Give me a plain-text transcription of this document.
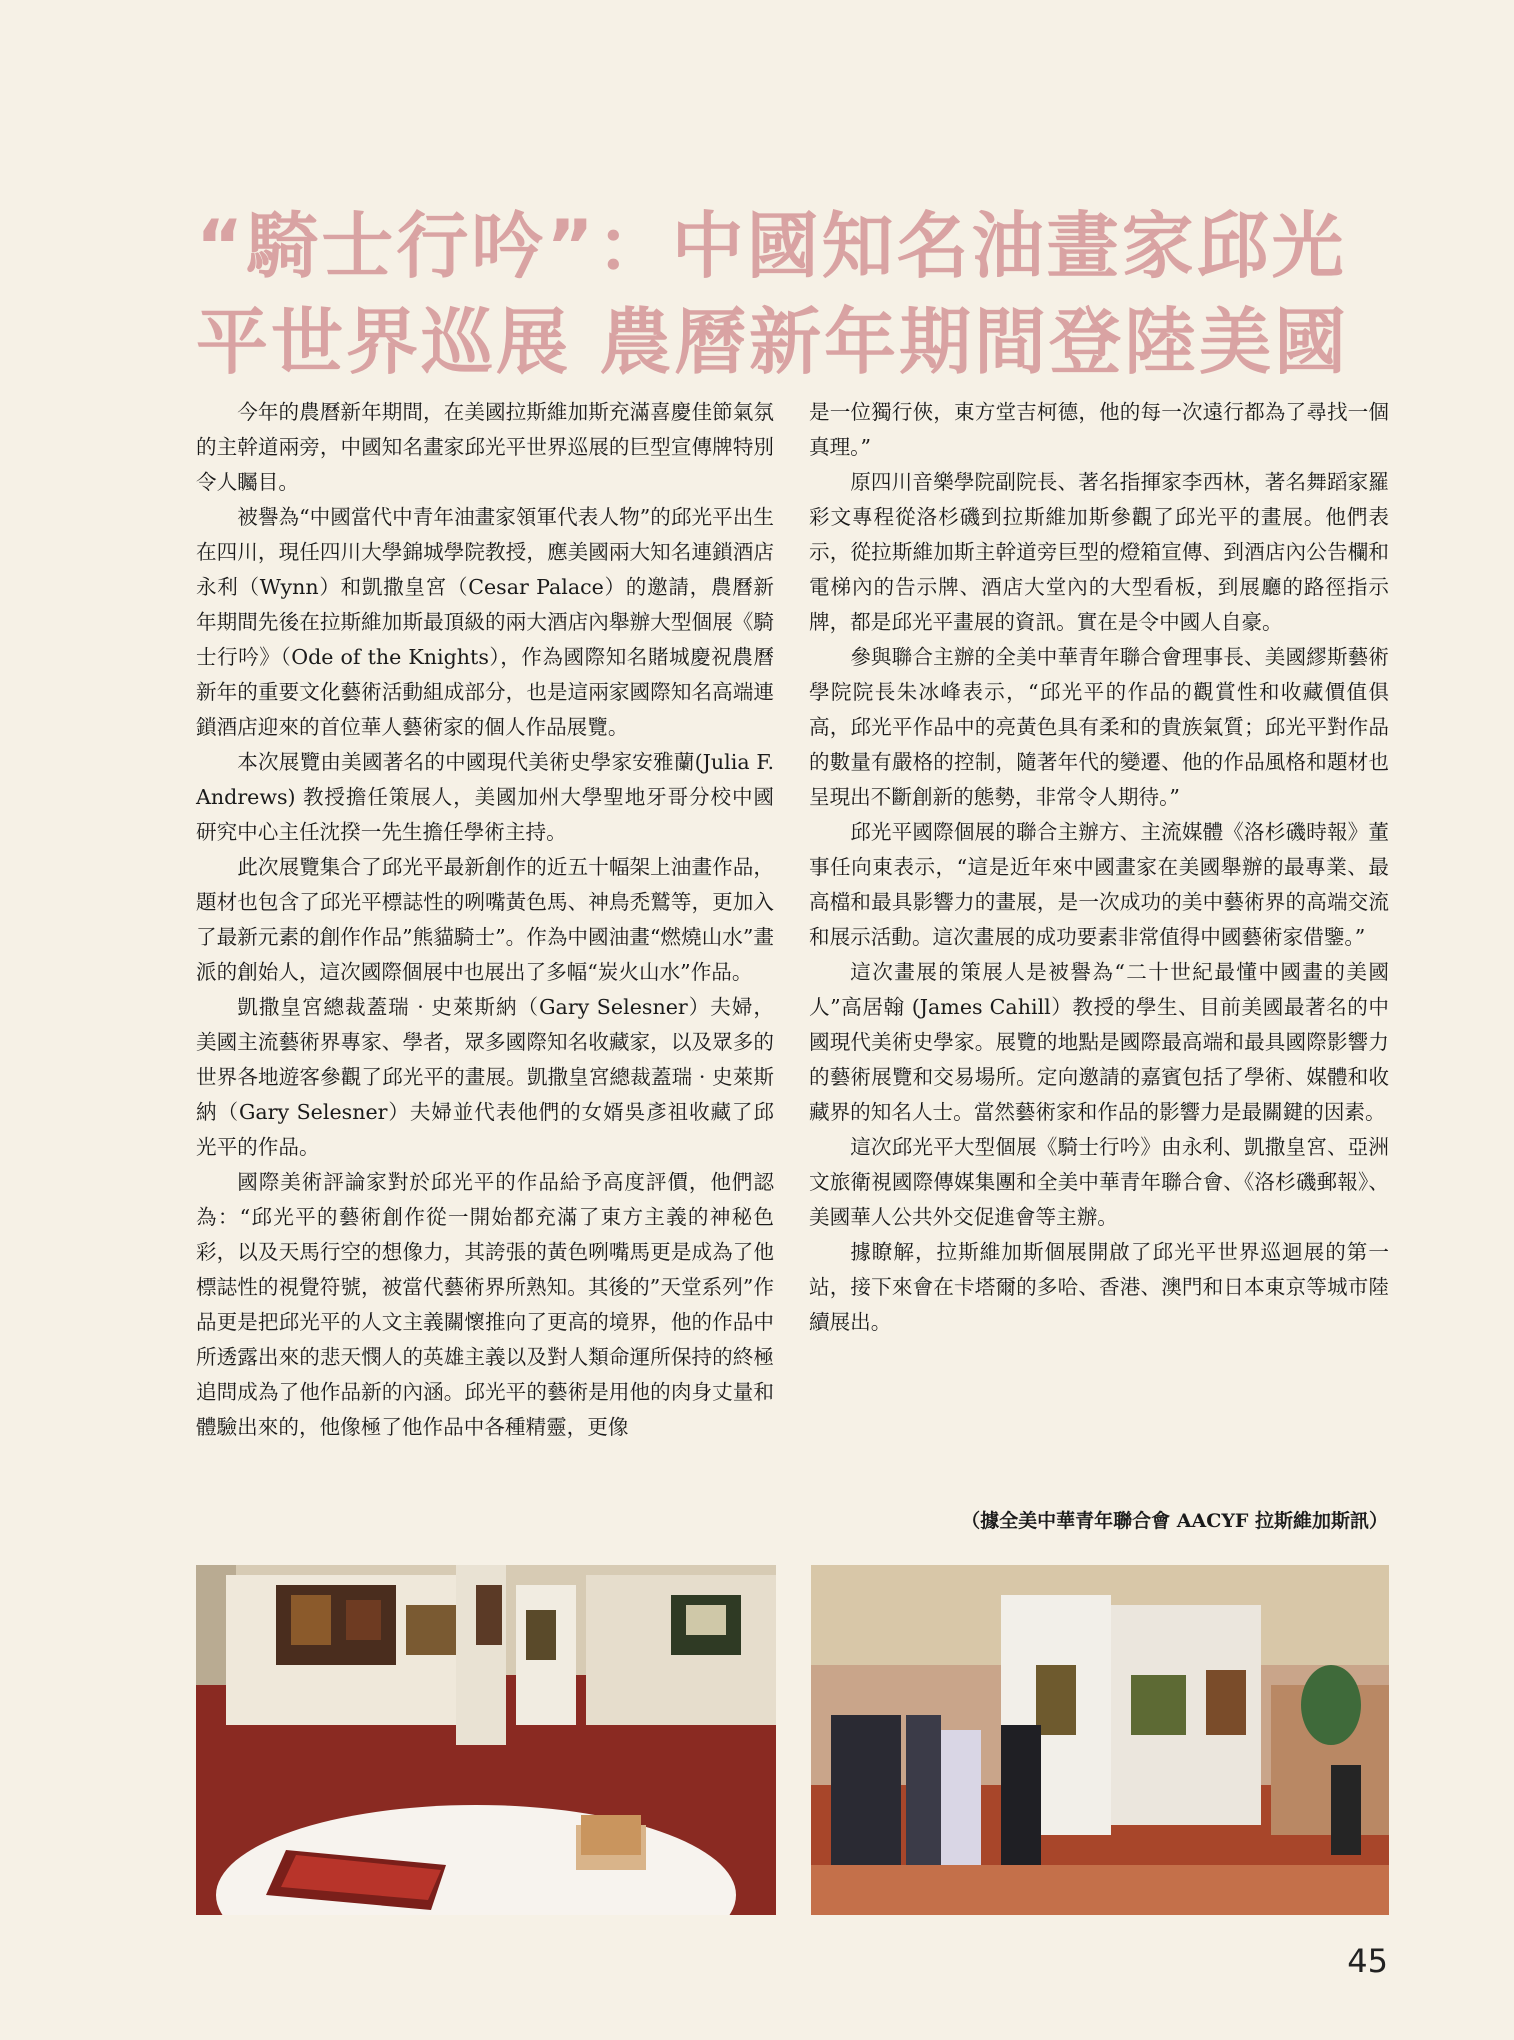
“騎士行吟”：中國知名油畫家邱光
平世界巡展 農曆新年期間登陸美國

今年的農曆新年期間，在美國拉斯維加斯充滿喜慶佳節氣氛的主幹道兩旁，中國知名畫家邱光平世界巡展的巨型宣傳牌特別令人矚目。

被譽為“中國當代中青年油畫家領軍代表人物”的邱光平出生在四川，現任四川大學錦城學院教授，應美國兩大知名連鎖酒店永利（Wynn）和凱撒皇宮（Cesar Palace）的邀請，農曆新年期間先後在拉斯維加斯最頂級的兩大酒店內舉辦大型個展《騎士行吟》（Ode of the Knights），作為國際知名賭城慶祝農曆新年的重要文化藝術活動組成部分，也是這兩家國際知名高端連鎖酒店迎來的首位華人藝術家的個人作品展覽。

本次展覽由美國著名的中國現代美術史學家安雅蘭(Julia F. Andrews) 教授擔任策展人，美國加州大學聖地牙哥分校中國研究中心主任沈揆一先生擔任學術主持。

此次展覽集合了邱光平最新創作的近五十幅架上油畫作品，題材也包含了邱光平標誌性的咧嘴黃色馬、神鳥禿鷲等，更加入了最新元素的創作作品”熊貓騎士”。作為中國油畫“燃燒山水”畫派的創始人，這次國際個展中也展出了多幅“炭火山水”作品。

凱撒皇宮總裁蓋瑞 · 史萊斯納（Gary Selesner）夫婦，美國主流藝術界專家、學者，眾多國際知名收藏家，以及眾多的世界各地遊客參觀了邱光平的畫展。凱撒皇宮總裁蓋瑞 · 史萊斯納（Gary Selesner）夫婦並代表他們的女婿吳彥祖收藏了邱光平的作品。

國際美術評論家對於邱光平的作品給予高度評價，他們認為：“邱光平的藝術創作從一開始都充滿了東方主義的神秘色彩，以及天馬行空的想像力，其誇張的黃色咧嘴馬更是成為了他標誌性的視覺符號，被當代藝術界所熟知。其後的”天堂系列”作品更是把邱光平的人文主義關懷推向了更高的境界，他的作品中所透露出來的悲天憫人的英雄主義以及對人類命運所保持的終極追問成為了他作品新的內涵。邱光平的藝術是用他的肉身丈量和體驗出來的，他像極了他作品中各種精靈，更像

是一位獨行俠，東方堂吉柯德，他的每一次遠行都為了尋找一個真理。”

原四川音樂學院副院長、著名指揮家李西林，著名舞蹈家羅彩文專程從洛杉磯到拉斯維加斯參觀了邱光平的畫展。他們表示，從拉斯維加斯主幹道旁巨型的燈箱宣傳、到酒店內公告欄和電梯內的告示牌、酒店大堂內的大型看板，到展廳的路徑指示牌，都是邱光平畫展的資訊。實在是令中國人自豪。

參與聯合主辦的全美中華青年聯合會理事長、美國繆斯藝術學院院長朱冰峰表示，“邱光平的作品的觀賞性和收藏價值俱高，邱光平作品中的亮黃色具有柔和的貴族氣質；邱光平對作品的數量有嚴格的控制，隨著年代的變遷、他的作品風格和題材也呈現出不斷創新的態勢，非常令人期待。”

邱光平國際個展的聯合主辦方、主流媒體《洛杉磯時報》董事任向東表示，“這是近年來中國畫家在美國舉辦的最專業、最高檔和最具影響力的畫展，是一次成功的美中藝術界的高端交流和展示活動。這次畫展的成功要素非常值得中國藝術家借鑒。”

這次畫展的策展人是被譽為“二十世紀最懂中國畫的美國人”高居翰 (James Cahill）教授的學生、目前美國最著名的中國現代美術史學家。展覽的地點是國際最高端和最具國際影響力的藝術展覽和交易場所。定向邀請的嘉賓包括了學術、媒體和收藏界的知名人士。當然藝術家和作品的影響力是最關鍵的因素。

這次邱光平大型個展《騎士行吟》由永利、凱撒皇宮、亞洲文旅衛視國際傳媒集團和全美中華青年聯合會、《洛杉磯郵報》、美國華人公共外交促進會等主辦。

據瞭解，拉斯維加斯個展開啟了邱光平世界巡迴展的第一站，接下來會在卡塔爾的多哈、香港、澳門和日本東京等城市陸續展出。

（據全美中華青年聯合會 AACYF 拉斯維加斯訊）
45
